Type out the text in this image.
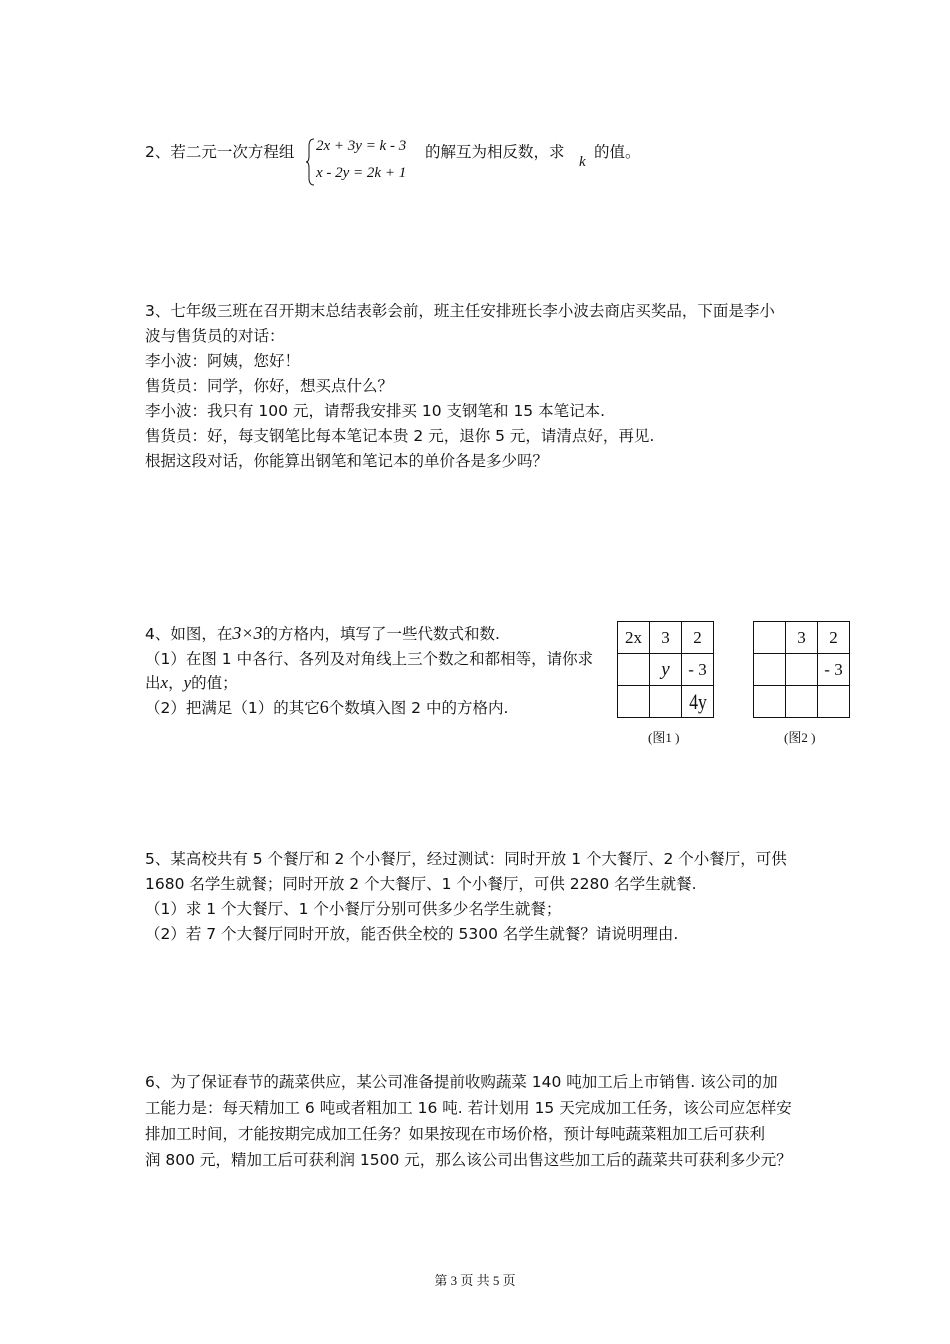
2、若二元一次方程组 2x + 3y = k - 3
x - 2y = 2k + 1
的解互为相反数，求
k
的值。
3、七年级三班在召开期末总结表彰会前，班主任安排班长李小波去商店买奖品，下面是李小
波与售货员的对话：
李小波：阿姨，您好！
售货员：同学，你好，想买点什么？
李小波：我只有 100 元，请帮我安排买 10 支钢笔和 15 本笔记本.
售货员：好，每支钢笔比每本笔记本贵 2 元，退你 5 元，请清点好，再见.
根据这段对话，你能算出钢笔和笔记本的单价各是多少吗？
4、如图，在3×3的方格内，填写了一些代数式和数.
（1）在图 1 中各行、各列及对角线上三个数之和都相等，请你求
出x，y的值；
（2）把满足（1）的其它6个数填入图 2 中的方格内.
2x	3	2
	y	- 3
		4y
(图1 )
	3	2
		- 3

(图2 )
5、某高校共有 5 个餐厅和 2 个小餐厅，经过测试：同时开放 1 个大餐厅、2 个小餐厅，可供
1680 名学生就餐；同时开放 2 个大餐厅、1 个小餐厅，可供 2280 名学生就餐.
（1）求 1 个大餐厅、1 个小餐厅分别可供多少名学生就餐；
（2）若 7 个大餐厅同时开放，能否供全校的 5300 名学生就餐？请说明理由.
6、为了保证春节的蔬菜供应，某公司准备提前收购蔬菜 140 吨加工后上市销售. 该公司的加
工能力是：每天精加工 6 吨或者粗加工 16 吨. 若计划用 15 天完成加工任务，该公司应怎样安
排加工时间，才能按期完成加工任务？如果按现在市场价格，预计每吨蔬菜粗加工后可获利
润 800 元，精加工后可获利润 1500 元，那么该公司出售这些加工后的蔬菜共可获利多少元？
第 3 页 共 5 页
